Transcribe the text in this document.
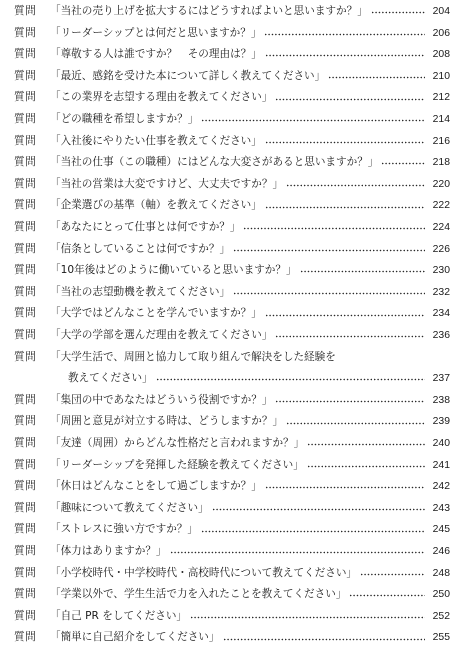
質問	「当社の売り上げを拡大するにはどうすればよいと思いますか？」	204
質問	「リーダーシップとは何だと思いますか？」	206
質問	「尊敬する人は誰ですか？　その理由は？」	208
質問	「最近、感銘を受けた本について詳しく教えてください」	210
質問	「この業界を志望する理由を教えてください」	212
質問	「どの職種を希望しますか？」	214
質問	「入社後にやりたい仕事を教えてください」	216
質問	「当社の仕事（この職種）にはどんな大変さがあると思いますか？」	218
質問	「当社の営業は大変ですけど、大丈夫ですか？」	220
質問	「企業選びの基準（軸）を教えてください」	222
質問	「あなたにとって仕事とは何ですか？」	224
質問	「信条としていることは何ですか？」	226
質問	「10年後はどのように働いていると思いますか？」	230
質問	「当社の志望動機を教えてください」	232
質問	「大学ではどんなことを学んでいますか？」	234
質問	「大学の学部を選んだ理由を教えてください」	236
質問	「大学生活で、周囲と協力して取り組んで解決をした経験を
教えてください」	237
質問	「集団の中であなたはどういう役割ですか？」	238
質問	「周囲と意見が対立する時は、どうしますか？」	239
質問	「友達（周囲）からどんな性格だと言われますか？」	240
質問	「リーダーシップを発揮した経験を教えてください」	241
質問	「休日はどんなことをして過ごしますか？」	242
質問	「趣味について教えてください」	243
質問	「ストレスに強い方ですか？」	245
質問	「体力はありますか？」	246
質問	「小学校時代・中学校時代・高校時代について教えてください」	248
質問	「学業以外で、学生生活で力を入れたことを教えてください」	250
質問	「自己 PR をしてください」	252
質問	「簡単に自己紹介をしてください」	255
